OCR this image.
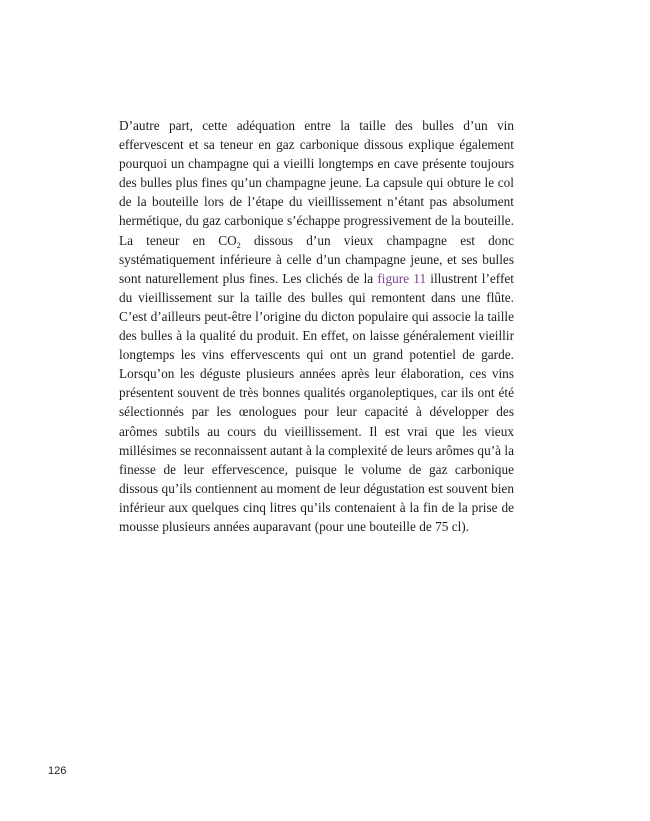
D’autre part, cette adéquation entre la taille des bulles d’un vin effervescent et sa teneur en gaz carbonique dissous explique également pourquoi un champagne qui a vieilli longtemps en cave présente toujours des bulles plus fines qu’un champagne jeune. La capsule qui obture le col de la bouteille lors de l’étape du vieillissement n’étant pas absolument hermétique, du gaz carbonique s’échappe progressivement de la bouteille. La teneur en $CO_2$ dissous d’un vieux champagne est donc systématiquement inférieure à celle d’un champagne jeune, et ses bulles sont naturellement plus fines. Les clichés de la figure 11 illustrent l’effet du vieillissement sur la taille des bulles qui remontent dans une flûte. C’est d’ailleurs peut-être l’origine du dicton populaire qui associe la taille des bulles à la qualité du produit. En effet, on laisse généralement vieillir longtemps les vins effervescents qui ont un grand potentiel de garde. Lorsqu’on les déguste plusieurs années après leur élaboration, ces vins présentent souvent de très bonnes qualités organoleptiques, car ils ont été sélectionnés par les œnologues pour leur capacité à développer des arômes subtils au cours du vieillissement. Il est vrai que les vieux millésimes se reconnaissent autant à la complexité de leurs arômes qu’à la finesse de leur effervescence, puisque le volume de gaz carbonique dissous qu’ils contiennent au moment de leur dégustation est souvent bien inférieur aux quelques cinq litres qu’ils contenaient à la fin de la prise de mousse plusieurs années auparavant (pour une bouteille de 75 cl).

126
